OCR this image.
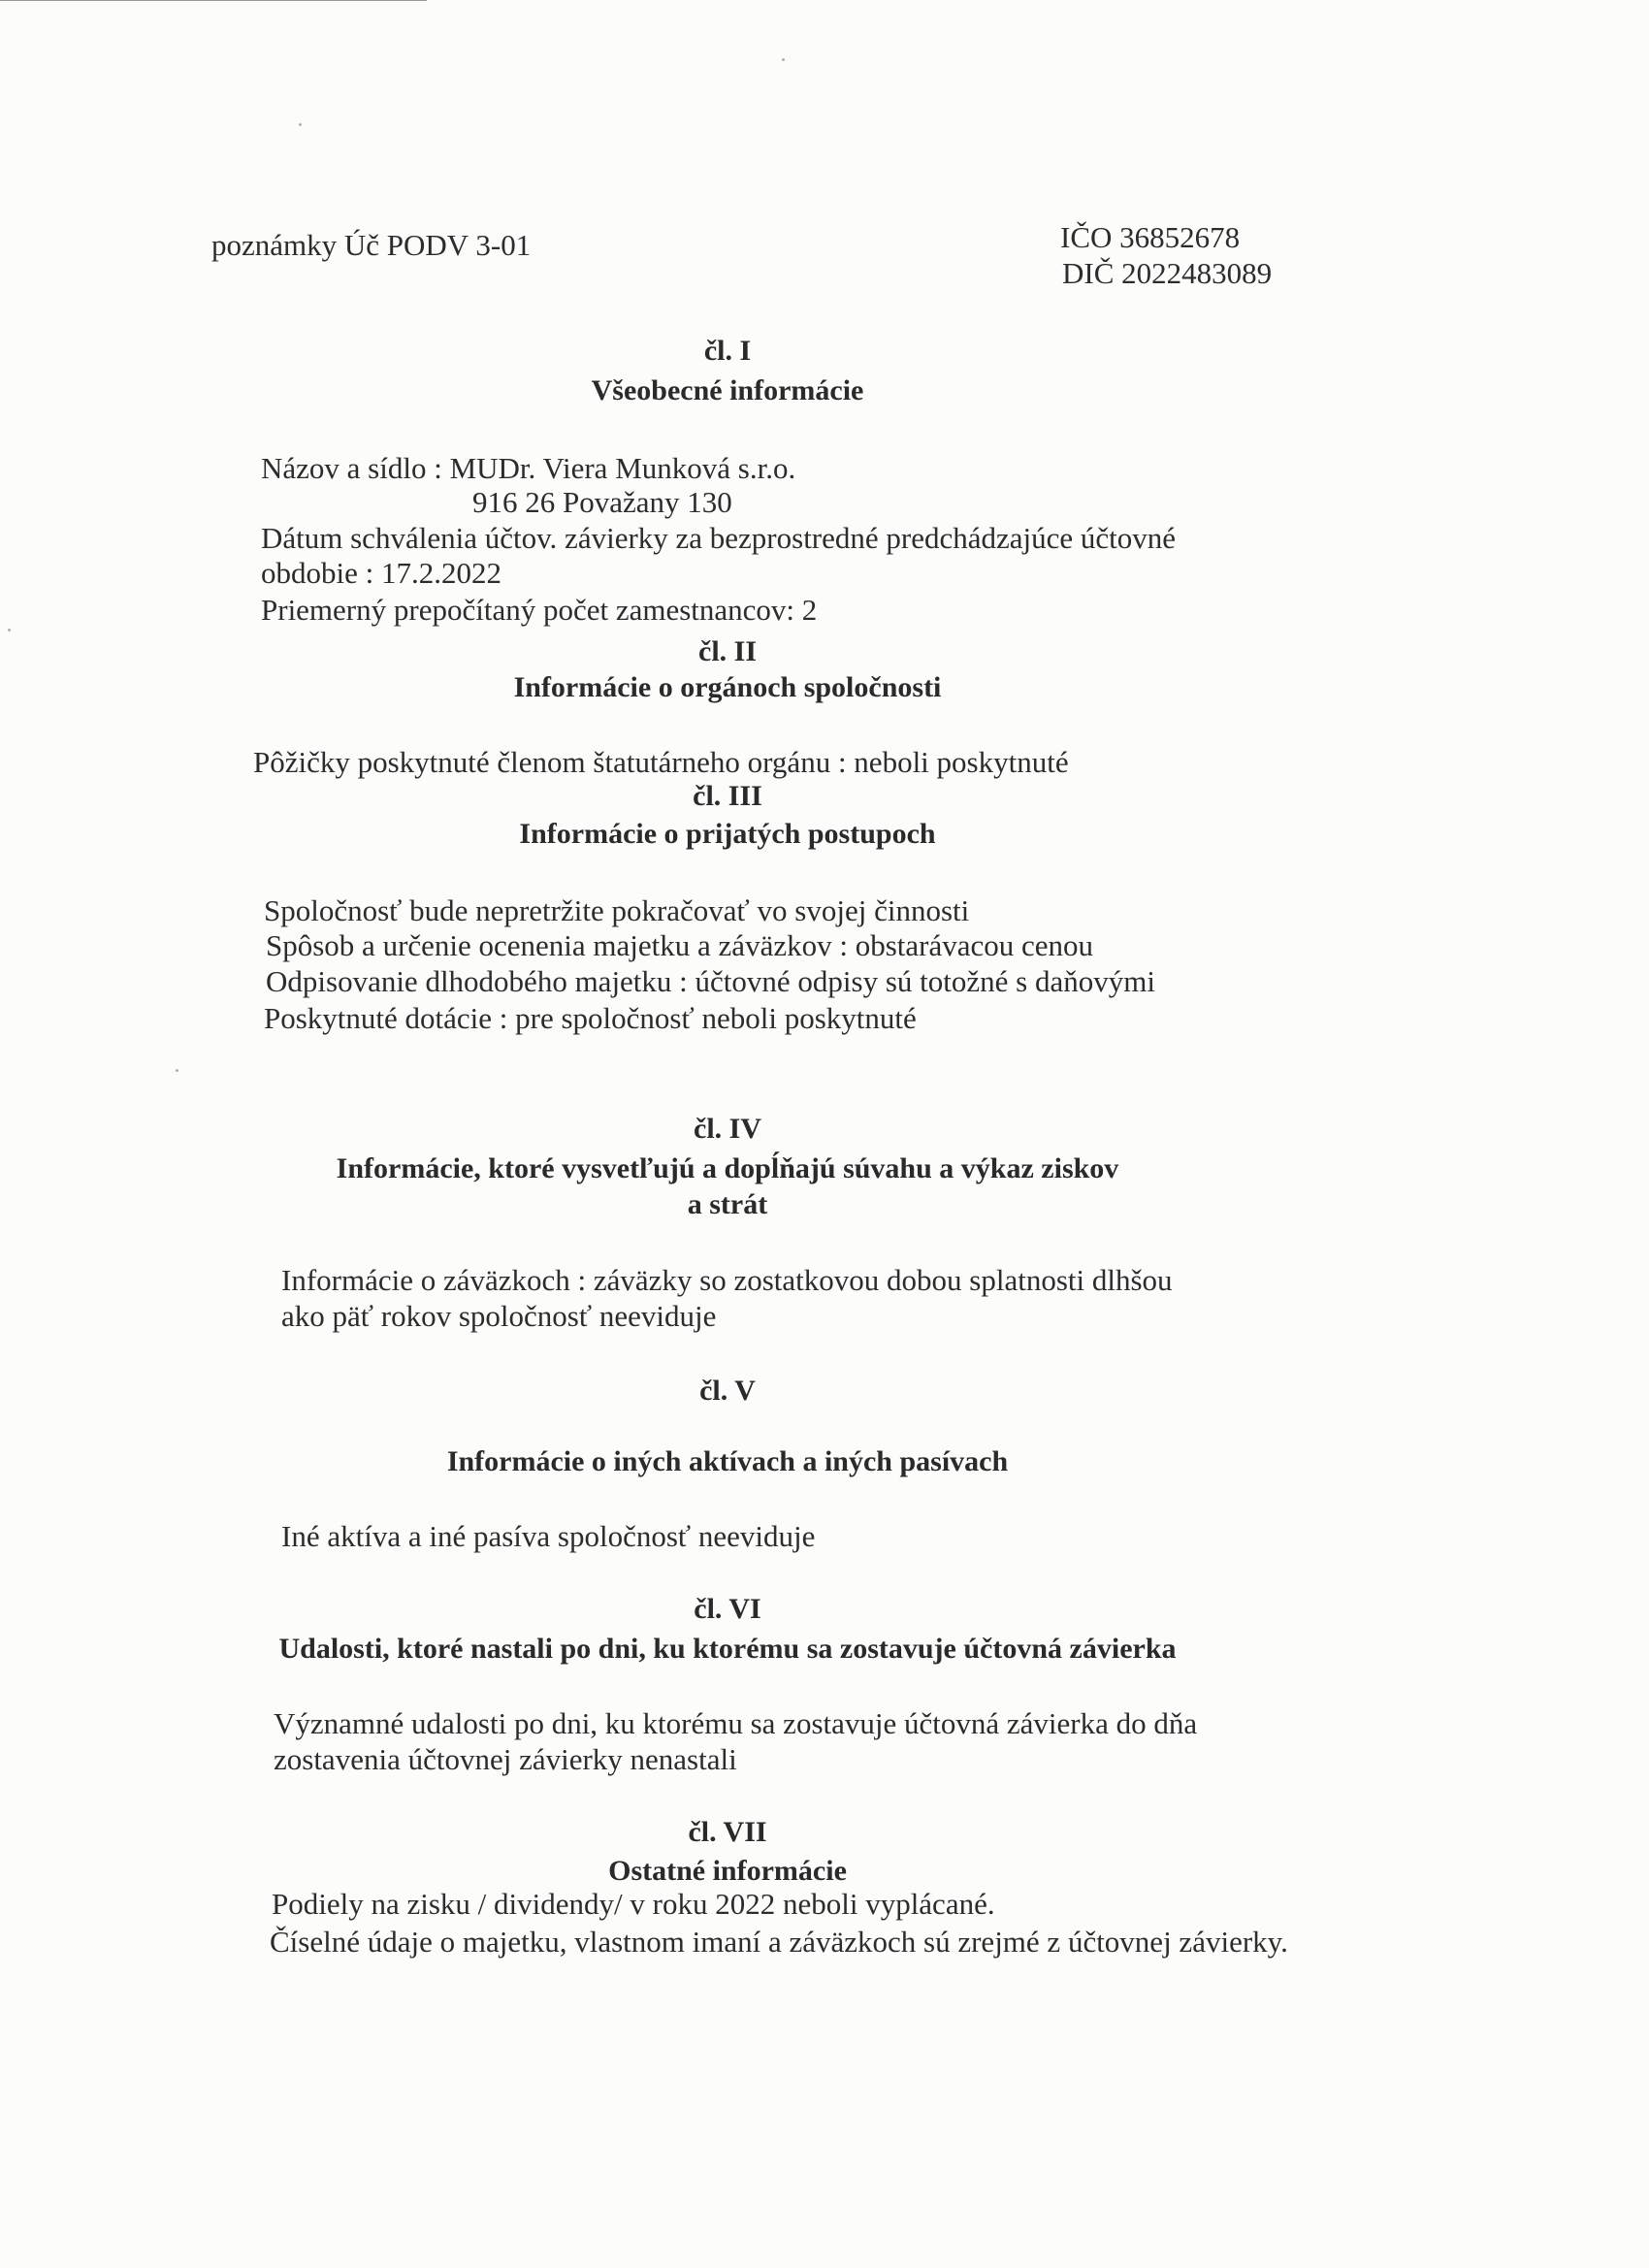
poznámky Úč PODV 3-01	IČO 36852678
DIČ 2022483089
čl. I
Všeobecné informácie
Názov a sídlo : MUDr. Viera Munková s.r.o.
916 26 Považany 130
Dátum schválenia účtov. závierky za bezprostredné predchádzajúce účtovné
obdobie : 17.2.2022
Priemerný prepočítaný počet zamestnancov: 2
čl. II
Informácie o orgánoch spoločnosti
Pôžičky poskytnuté členom štatutárneho orgánu : neboli poskytnuté
čl. III
Informácie o prijatých postupoch
Spoločnosť bude nepretržite pokračovať vo svojej činnosti
Spôsob a určenie ocenenia majetku a záväzkov : obstarávacou cenou
Odpisovanie dlhodobého majetku : účtovné odpisy sú totožné s daňovými
Poskytnuté dotácie : pre spoločnosť neboli poskytnuté
čl. IV
Informácie, ktoré vysvetľujú a dopĺňajú súvahu a výkaz ziskov
a strát
Informácie o záväzkoch : záväzky so zostatkovou dobou splatnosti dlhšou
ako päť rokov spoločnosť neeviduje
čl. V
Informácie o iných aktívach a iných pasívach
Iné aktíva a iné pasíva spoločnosť neeviduje
čl. VI
Udalosti, ktoré nastali po dni, ku ktorému sa zostavuje účtovná závierka
Významné udalosti po dni, ku ktorému sa zostavuje účtovná závierka do dňa
zostavenia účtovnej závierky nenastali
čl. VII
Ostatné informácie
Podiely na zisku / dividendy/ v roku 2022 neboli vyplácané.
Číselné údaje o majetku, vlastnom imaní a záväzkoch sú zrejmé z účtovnej závierky.
